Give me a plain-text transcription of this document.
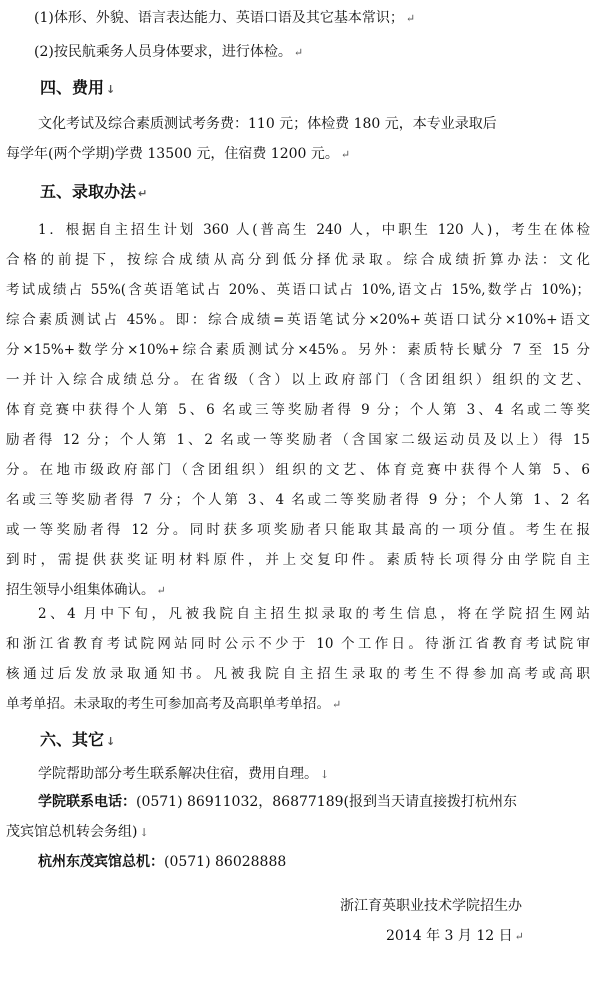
(1)体形、外貌、语言表达能力、英语口语及其它基本常识； ↵
(2)按民航乘务人员身体要求，进行体检。 ↵
四、费用 ↓
文化考试及综合素质测试考务费：110 元；体检费 180 元，本专业录取后
每学年(两个学期)学费 13500 元，住宿费 1200 元。 ↵
五、录取办法 ↵
1．根据自主招生计划 360 人(普高生 240 人，中职生 120 人)，考生在体检
合格的前提下，按综合成绩从高分到低分择优录取。综合成绩折算办法：文化
考试成绩占 55%(含英语笔试占 20%、英语口试占 10%,语文占 15%,数学占 10%)；
综合素质测试占 45%。即：综合成绩=英语笔试分×20%+英语口试分×10%+语文
分×15%+数学分×10%+综合素质测试分×45%。另外：素质特长赋分 7 至 15 分
一并计入综合成绩总分。在省级（含）以上政府部门（含团组织）组织的文艺、
体育竞赛中获得个人第 5、6 名或三等奖励者得 9 分；个人第 3、4 名或二等奖
励者得 12 分；个人第 1、2 名或一等奖励者（含国家二级运动员及以上）得 15
分。在地市级政府部门（含团组织）组织的文艺、体育竞赛中获得个人第 5、6
名或三等奖励者得 7 分；个人第 3、4 名或二等奖励者得 9 分；个人第 1、2 名
或一等奖励者得 12 分。同时获多项奖励者只能取其最高的一项分值。考生在报
到时，需提供获奖证明材料原件，并上交复印件。素质特长项得分由学院自主
招生领导小组集体确认。 ↵
2、4 月中下旬，凡被我院自主招生拟录取的考生信息，将在学院招生网站
和浙江省教育考试院网站同时公示不少于 10 个工作日。待浙江省教育考试院审
核通过后发放录取通知书。凡被我院自主招生录取的考生不得参加高考或高职
单考单招。未录取的考生可参加高考及高职单考单招。 ↵
六、其它 ↓
学院帮助部分考生联系解决住宿，费用自理。 ↓
学院联系电话：(0571) 86911032，86877189(报到当天请直接拨打杭州东
茂宾馆总机转会务组) ↓
杭州东茂宾馆总机：(0571) 86028888
浙江育英职业技术学院招生办
2014 年 3 月 12 日 ↵
